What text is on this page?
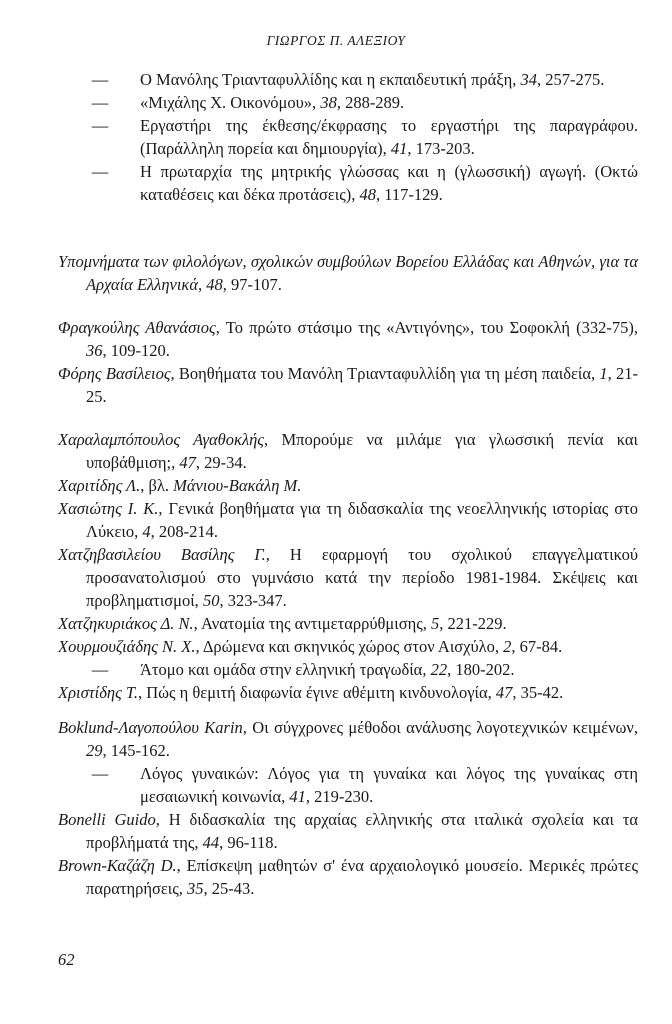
ΓΙΩΡΓΟΣ Π. ΑΛΕΞΙΟΥ

— Ο Μανόλης Τριανταφυλλίδης και η εκπαιδευτική πράξη, 34, 257-275.

— «Μιχάλης Χ. Οικονόμου», 38, 288-289.

— Εργαστήρι της έκθεσης/έκφρασης το εργαστήρι της παραγράφου. (Παράλληλη πορεία και δημιουργία), 41, 173-203.

— Η πρωταρχία της μητρικής γλώσσας και η (γλωσσική) αγωγή. (Οκτώ καταθέσεις και δέκα προτάσεις), 48, 117-129.

Υπομνήματα των φιλολόγων, σχολικών συμβούλων Βορείου Ελλάδας και Αθηνών, για τα Αρχαία Ελληνικά, 48, 97-107.

Φραγκούλης Αθανάσιος, Το πρώτο στάσιμο της «Αντιγόνης», του Σοφοκλή (332-75), 36, 109-120.

Φόρης Βασίλειος, Βοηθήματα του Μανόλη Τριανταφυλλίδη για τη μέση παιδεία, 1, 21-25.

Χαραλαμπόπουλος Αγαθοκλής, Μπορούμε να μιλάμε για γλωσσική πενία και υποβάθμιση;, 47, 29-34.

Χαριτίδης Λ., βλ. Μάνιου-Βακάλη Μ.

Χασιώτης Ι. Κ., Γενικά βοηθήματα για τη διδασκαλία της νεοελληνικής ιστορίας στο Λύκειο, 4, 208-214.

Χατζηβασιλείου Βασίλης Γ., Η εφαρμογή του σχολικού επαγγελματικού προσανατολισμού στο γυμνάσιο κατά την περίοδο 1981-1984. Σκέψεις και προβληματισμοί, 50, 323-347.

Χατζηκυριάκος Δ. Ν., Ανατομία της αντιμεταρρύθμισης, 5, 221-229.

Χουρμουζιάδης Ν. Χ., Δρώμενα και σκηνικός χώρος στον Αισχύλο, 2, 67-84.

— Άτομο και ομάδα στην ελληνική τραγωδία, 22, 180-202.

Χριστίδης Τ., Πώς η θεμιτή διαφωνία έγινε αθέμιτη κινδυνολογία, 47, 35-42.

Boklund-Λαγοπούλου Karin, Οι σύγχρονες μέθοδοι ανάλυσης λογοτεχνικών κειμένων, 29, 145-162.

— Λόγος γυναικών: Λόγος για τη γυναίκα και λόγος της γυναίκας στη μεσαιωνική κοινωνία, 41, 219-230.

Bonelli Guido, Η διδασκαλία της αρχαίας ελληνικής στα ιταλικά σχολεία και τα προβλήματά της, 44, 96-118.

Brown-Καζάζη D., Επίσκεψη μαθητών σ' ένα αρχαιολογικό μουσείο. Μερικές πρώτες παρατηρήσεις, 35, 25-43.

62
